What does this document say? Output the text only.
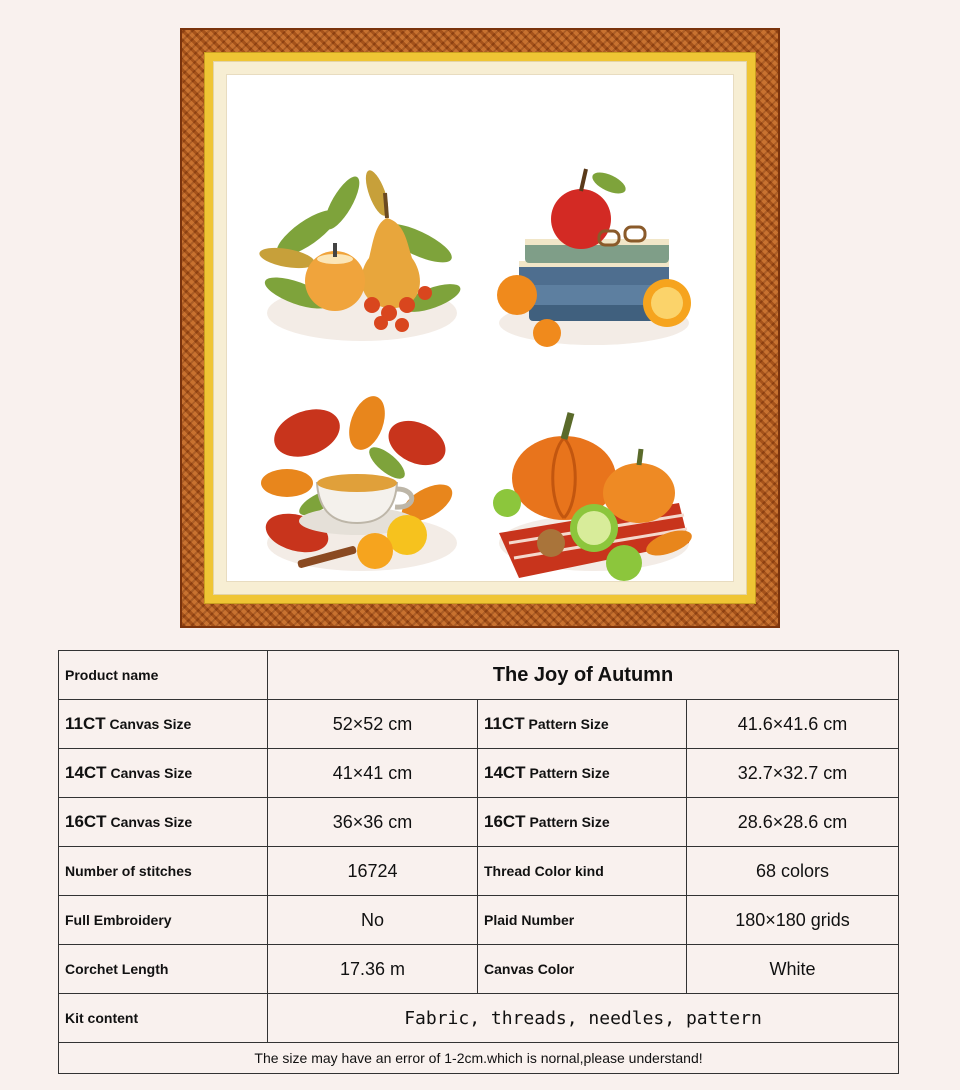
Product name	The Joy of Autumn		
11CT Canvas Size	52×52 cm	11CT Pattern Size	41.6×41.6 cm
14CT Canvas Size	41×41 cm	14CT Pattern Size	32.7×32.7 cm
16CT Canvas Size	36×36 cm	16CT Pattern Size	28.6×28.6 cm
Number of stitches	16724	Thread Color kind	68 colors
Full Embroidery	No	Plaid Number	180×180 grids
Corchet Length	17.36 m	Canvas Color	White
Kit content	Fabric, threads, needles, pattern		
The size may have an error of 1-2cm.which is nornal,please understand!			
